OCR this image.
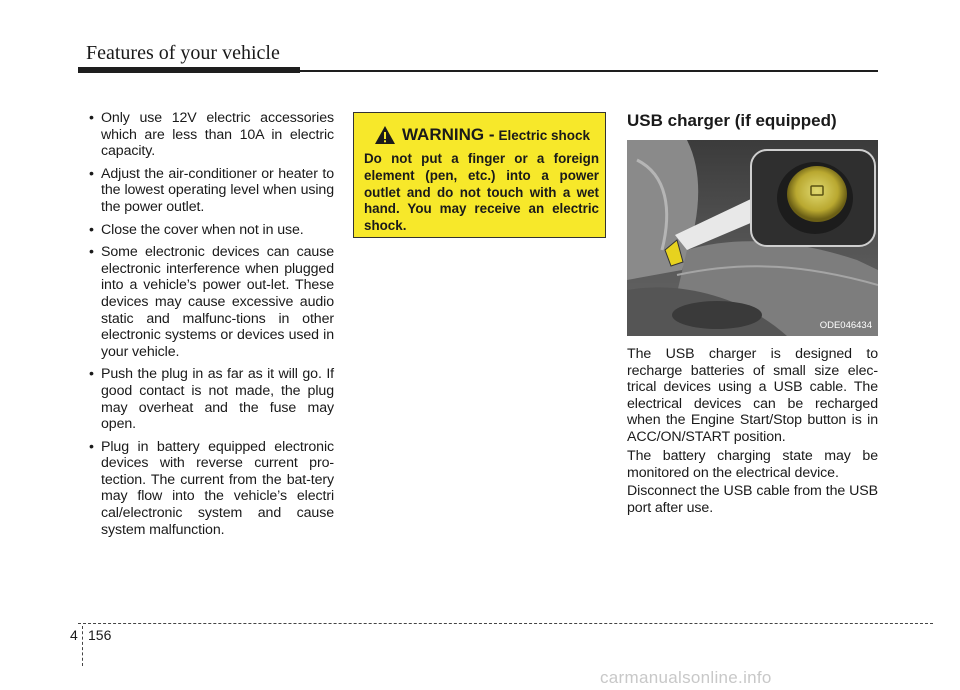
Features of your vehicle
• Only use 12V electric accessories which are less than 10A in electric capacity.
• Adjust the air-conditioner or heater to the lowest operating level when using the power outlet.
• Close the cover when not in use.
• Some electronic devices can cause electronic interference when plugged into a vehicle’s power out-let. These devices may cause excessive audio static and malfunc-tions in other electronic systems or devices used in your vehicle.
• Push the plug in as far as it will go. If good contact is not made, the plug may overheat and the fuse may open.
• Plug in battery equipped electronic devices with reverse current pro-tection. The current from the bat-tery may flow into the vehicle’s electri cal/electronic system and cause system malfunction.
WARNING - Electric shock
Do not put a finger or a foreign element (pen, etc.) into a power outlet and do not touch with a wet hand. You may receive an electric shock.
USB charger (if equipped)
ODE046434

The USB charger is designed to recharge batteries of small size elec-trical devices using a USB cable. The electrical devices can be recharged when the Engine Start/Stop button is in ACC/ON/START position.

The battery charging state may be monitored on the electrical device.

Disconnect the USB cable from the USB port after use.

4 156
carmanualsonline.info
